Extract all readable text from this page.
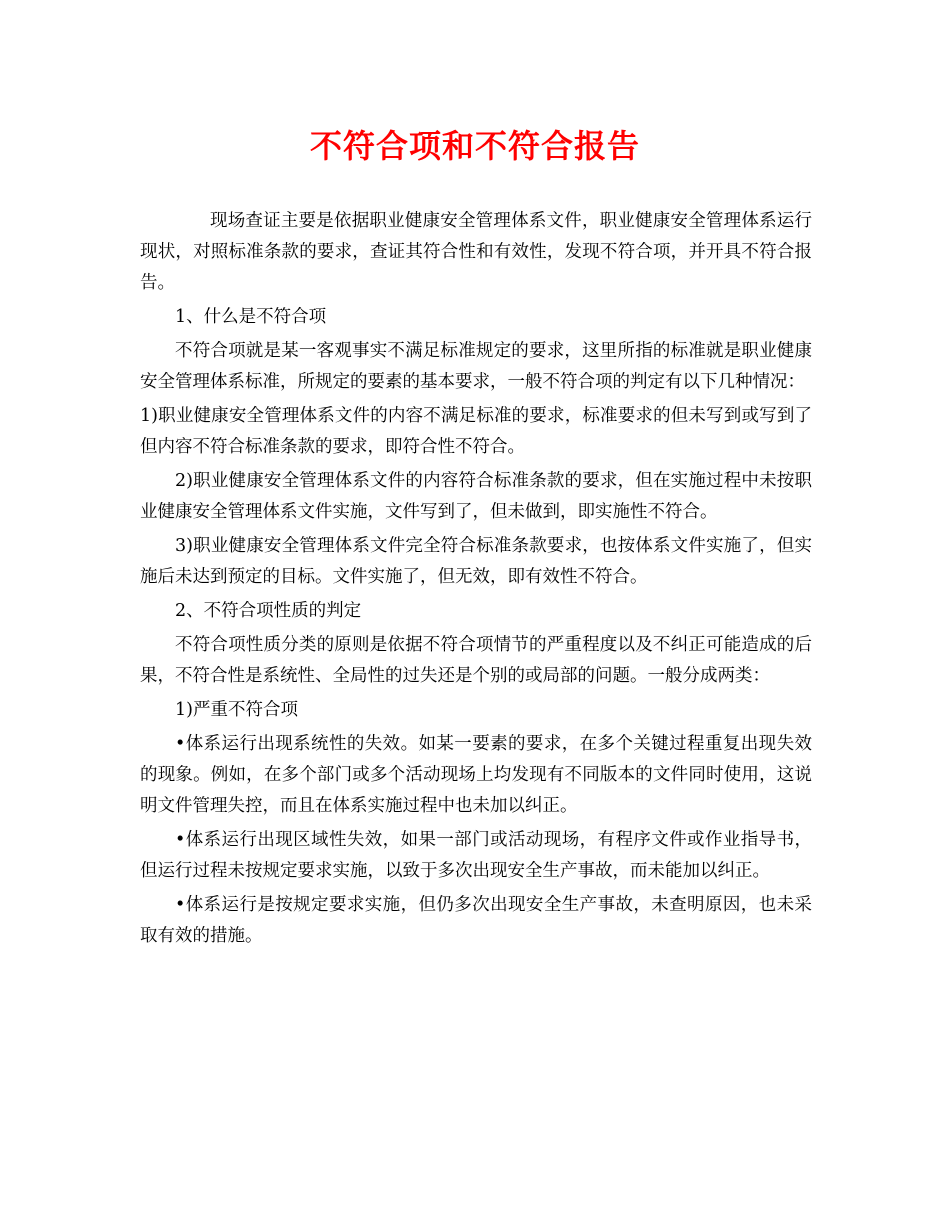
不符合项和不符合报告

现场查证主要是依据职业健康安全管理体系文件，职业健康安全管理体系运行现状，对照标准条款的要求，查证其符合性和有效性，发现不符合项，并开具不符合报告。

1、什么是不符合项

不符合项就是某一客观事实不满足标准规定的要求，这里所指的标准就是职业健康安全管理体系标准，所规定的要素的基本要求，一般不符合项的判定有以下几种情况：

1)职业健康安全管理体系文件的内容不满足标准的要求，标准要求的但未写到或写到了但内容不符合标准条款的要求，即符合性不符合。

2)职业健康安全管理体系文件的内容符合标准条款的要求，但在实施过程中未按职业健康安全管理体系文件实施，文件写到了，但未做到，即实施性不符合。

3)职业健康安全管理体系文件完全符合标准条款要求，也按体系文件实施了，但实施后未达到预定的目标。文件实施了，但无效，即有效性不符合。

2、不符合项性质的判定

不符合项性质分类的原则是依据不符合项情节的严重程度以及不纠正可能造成的后果，不符合性是系统性、全局性的过失还是个别的或局部的问题。一般分成两类：

1)严重不符合项

•体系运行出现系统性的失效。如某一要素的要求，在多个关键过程重复出现失效的现象。例如，在多个部门或多个活动现场上均发现有不同版本的文件同时使用，这说明文件管理失控，而且在体系实施过程中也未加以纠正。

•体系运行出现区域性失效，如果一部门或活动现场，有程序文件或作业指导书，但运行过程未按规定要求实施，以致于多次出现安全生产事故，而未能加以纠正。

•体系运行是按规定要求实施，但仍多次出现安全生产事故，未查明原因，也未采取有效的措施。
